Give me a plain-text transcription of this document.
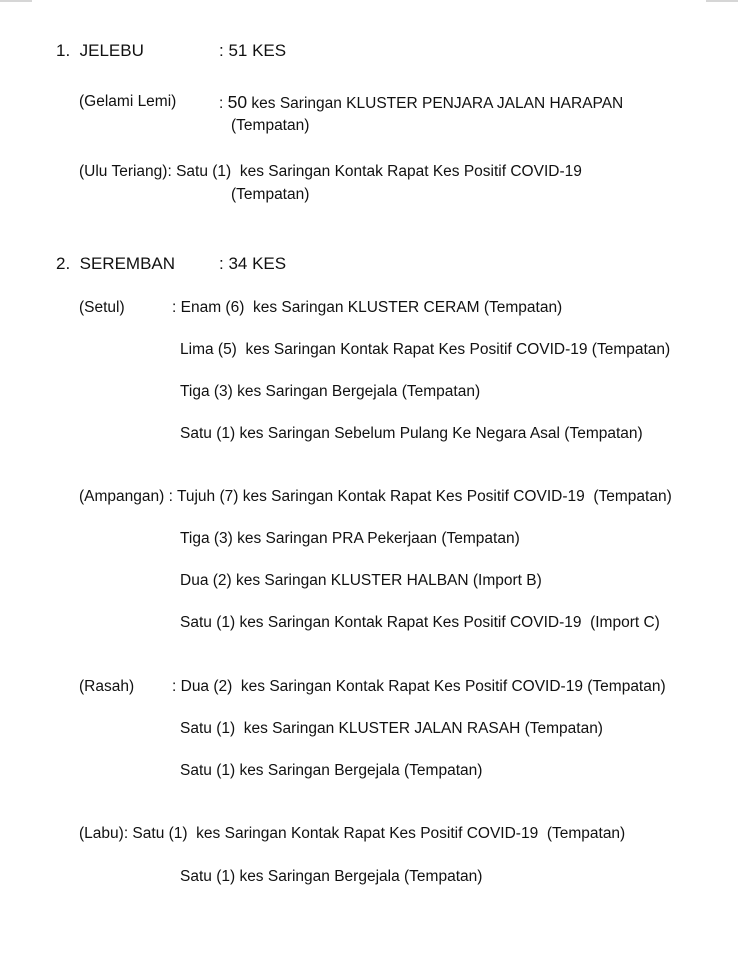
1.  JELEBU	: 51 KES
(Gelami Lemi)	: 50 kes Saringan KLUSTER PENJARA JALAN HARAPAN
(Tempatan)
(Ulu Teriang): Satu (1)  kes Saringan Kontak Rapat Kes Positif COVID-19
(Tempatan)
2.  SEREMBAN	: 34 KES
(Setul)	: Enam (6)  kes Saringan KLUSTER CERAM (Tempatan)
Lima (5)  kes Saringan Kontak Rapat Kes Positif COVID-19 (Tempatan)
Tiga (3) kes Saringan Bergejala (Tempatan)
Satu (1) kes Saringan Sebelum Pulang Ke Negara Asal (Tempatan)
(Ampangan) : Tujuh (7) kes Saringan Kontak Rapat Kes Positif COVID-19  (Tempatan)
Tiga (3) kes Saringan PRA Pekerjaan (Tempatan)
Dua (2) kes Saringan KLUSTER HALBAN (Import B)
Satu (1) kes Saringan Kontak Rapat Kes Positif COVID-19  (Import C)
(Rasah) : Dua (2)  kes Saringan Kontak Rapat Kes Positif COVID-19 (Tempatan)
Satu (1)  kes Saringan KLUSTER JALAN RASAH (Tempatan)
Satu (1) kes Saringan Bergejala (Tempatan)
(Labu): Satu (1)  kes Saringan Kontak Rapat Kes Positif COVID-19  (Tempatan)
Satu (1) kes Saringan Bergejala (Tempatan)
